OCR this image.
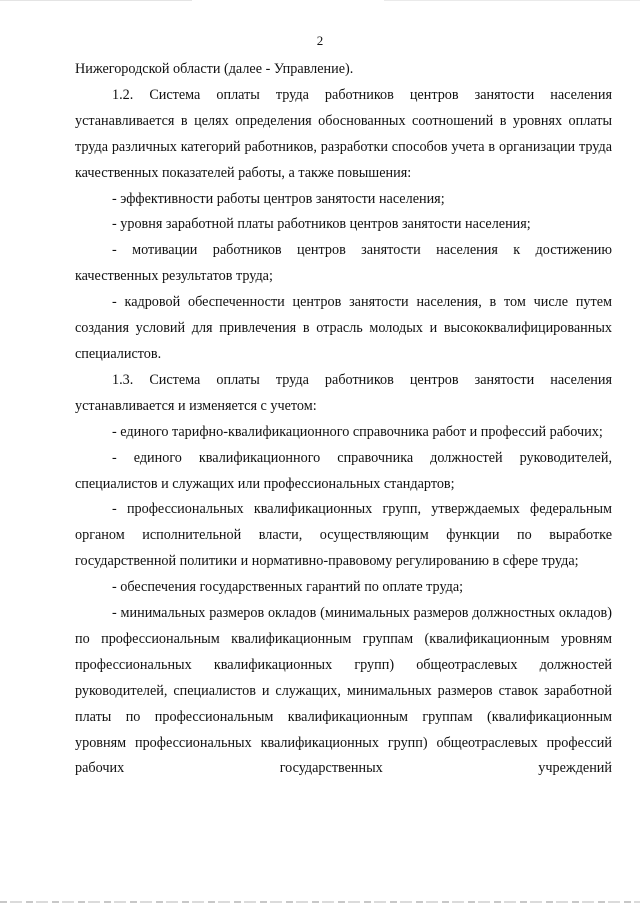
2

Нижегородской области (далее - Управление).

1.2. Система оплаты труда работников центров занятости населения устанавливается в целях определения обоснованных соотношений в уровнях оплаты труда различных категорий работников, разработки способов учета в организации труда качественных показателей работы, а также повышения:

- эффективности работы центров занятости населения;

- уровня заработной платы работников центров занятости населения;

- мотивации работников центров занятости населения к достижению качественных результатов труда;

- кадровой обеспеченности центров занятости населения, в том числе путем создания условий для привлечения в отрасль молодых и высококвалифицированных специалистов.

1.3. Система оплаты труда работников центров занятости населения устанавливается и изменяется с учетом:

- единого тарифно-квалификационного справочника работ и профессий рабочих;

- единого квалификационного справочника должностей руководителей, специалистов и служащих или профессиональных стандартов;

- профессиональных квалификационных групп, утверждаемых федеральным органом исполнительной власти, осуществляющим функции по выработке государственной политики и нормативно-правовому регулированию в сфере труда;

- обеспечения государственных гарантий по оплате труда;

- минимальных размеров окладов (минимальных размеров должностных окладов) по профессиональным квалификационным группам (квалификационным уровням профессиональных квалификационных групп) общеотраслевых должностей руководителей, специалистов и служащих, минимальных размеров ставок заработной платы по профессиональным квалификационным группам (квалификационным уровням профессиональных квалификационных групп) общеотраслевых профессий рабочих государственных учреждений
